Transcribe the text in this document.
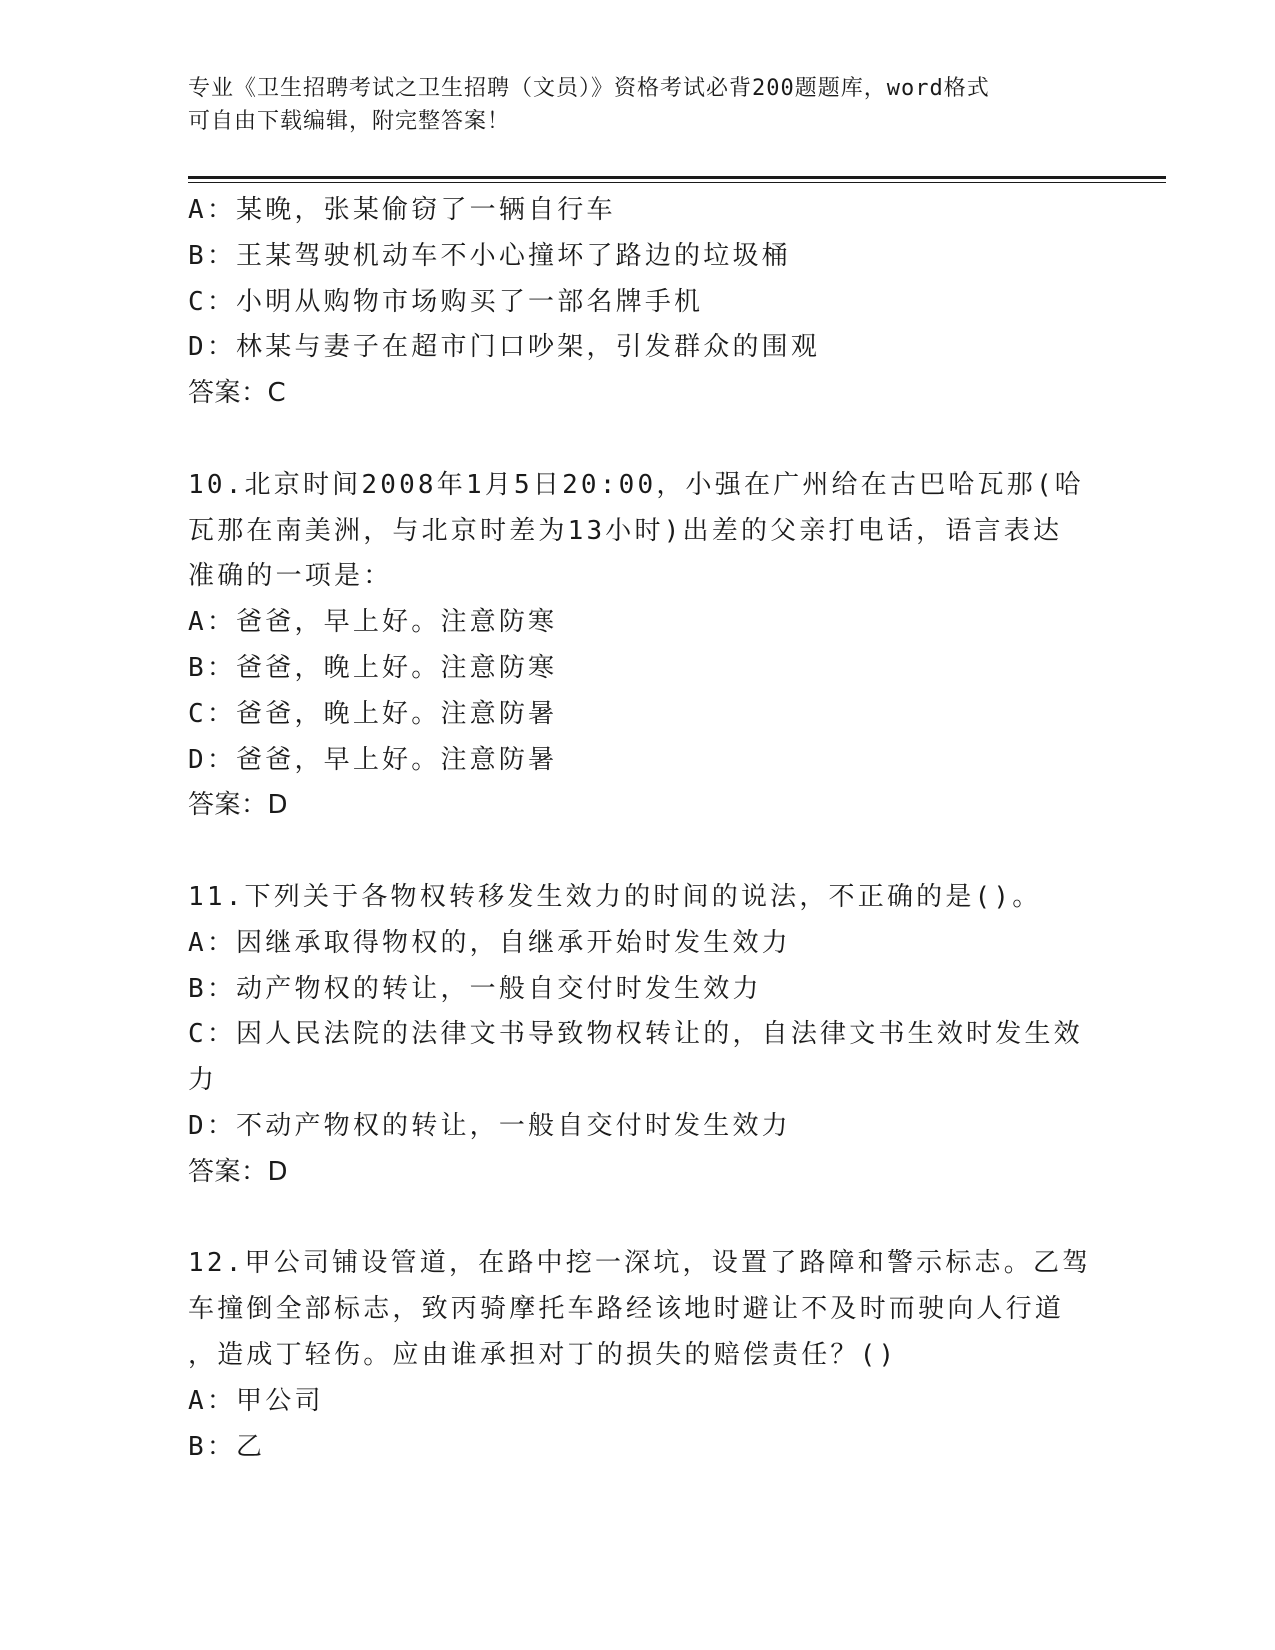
专业《卫生招聘考试之卫生招聘（文员）》资格考试必背200题题库，word格式
可自由下载编辑，附完整答案！
A：某晚，张某偷窃了一辆自行车
B：王某驾驶机动车不小心撞坏了路边的垃圾桶
C：小明从购物市场购买了一部名牌手机
D：林某与妻子在超市门口吵架，引发群众的围观
答案：C
10.北京时间2008年1月5日20:00，小强在广州给在古巴哈瓦那(哈
瓦那在南美洲，与北京时差为13小时)出差的父亲打电话，语言表达
准确的一项是：
A：爸爸，早上好。注意防寒
B：爸爸，晚上好。注意防寒
C：爸爸，晚上好。注意防暑
D：爸爸，早上好。注意防暑
答案：D
11.下列关于各物权转移发生效力的时间的说法，不正确的是()。
A：因继承取得物权的，自继承开始时发生效力
B：动产物权的转让，一般自交付时发生效力
C：因人民法院的法律文书导致物权转让的，自法律文书生效时发生效
力
D：不动产物权的转让，一般自交付时发生效力
答案：D
12.甲公司铺设管道，在路中挖一深坑，设置了路障和警示标志。乙驾
车撞倒全部标志，致丙骑摩托车路经该地时避让不及时而驶向人行道
，造成丁轻伤。应由谁承担对丁的损失的赔偿责任？()
A：甲公司
B：乙
